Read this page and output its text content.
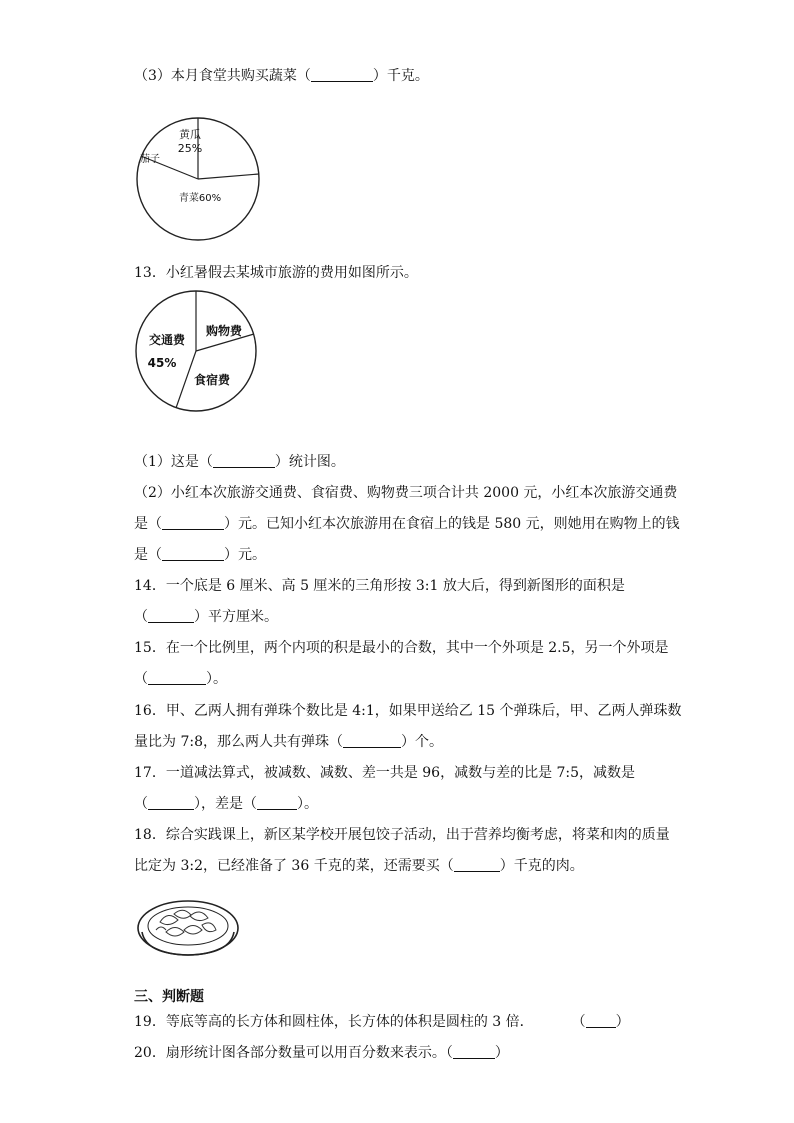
（3）本月食堂共购买蔬菜（	）千克。
黄瓜
25%
茄子
青菜60%
13．小红暑假去某城市旅游的费用如图所示。
交通费
45%
购物费
食宿费
（1）这是（	）统计图。
（2）小红本次旅游交通费、食宿费、购物费三项合计共 2000 元，小红本次旅游交通费
是（	）元。已知小红本次旅游用在食宿上的钱是 580 元，则她用在购物上的钱
是（	）元。
14．一个底是 6 厘米、高 5 厘米的三角形按 3:1 放大后，得到新图形的面积是
（	）平方厘米。
15．在一个比例里，两个内项的积是最小的合数，其中一个外项是 2.5，另一个外项是
（	）。
16．甲、乙两人拥有弹珠个数比是 4:1，如果甲送给乙 15 个弹珠后，甲、乙两人弹珠数
量比为 7:8，那么两人共有弹珠（	）个。
17．一道减法算式，被减数、减数、差一共是 96，减数与差的比是 7:5，减数是
（	），差是（	）。
18．综合实践课上，新区某学校开展包饺子活动，出于营养均衡考虑，将菜和肉的质量
比定为 3:2，已经准备了 36 千克的菜，还需要买（	）千克的肉。
三、判断题
19．等底等高的长方体和圆柱体，长方体的体积是圆柱的 3 倍．	（ ）
20．扇形统计图各部分数量可以用百分数来表示。（	）
